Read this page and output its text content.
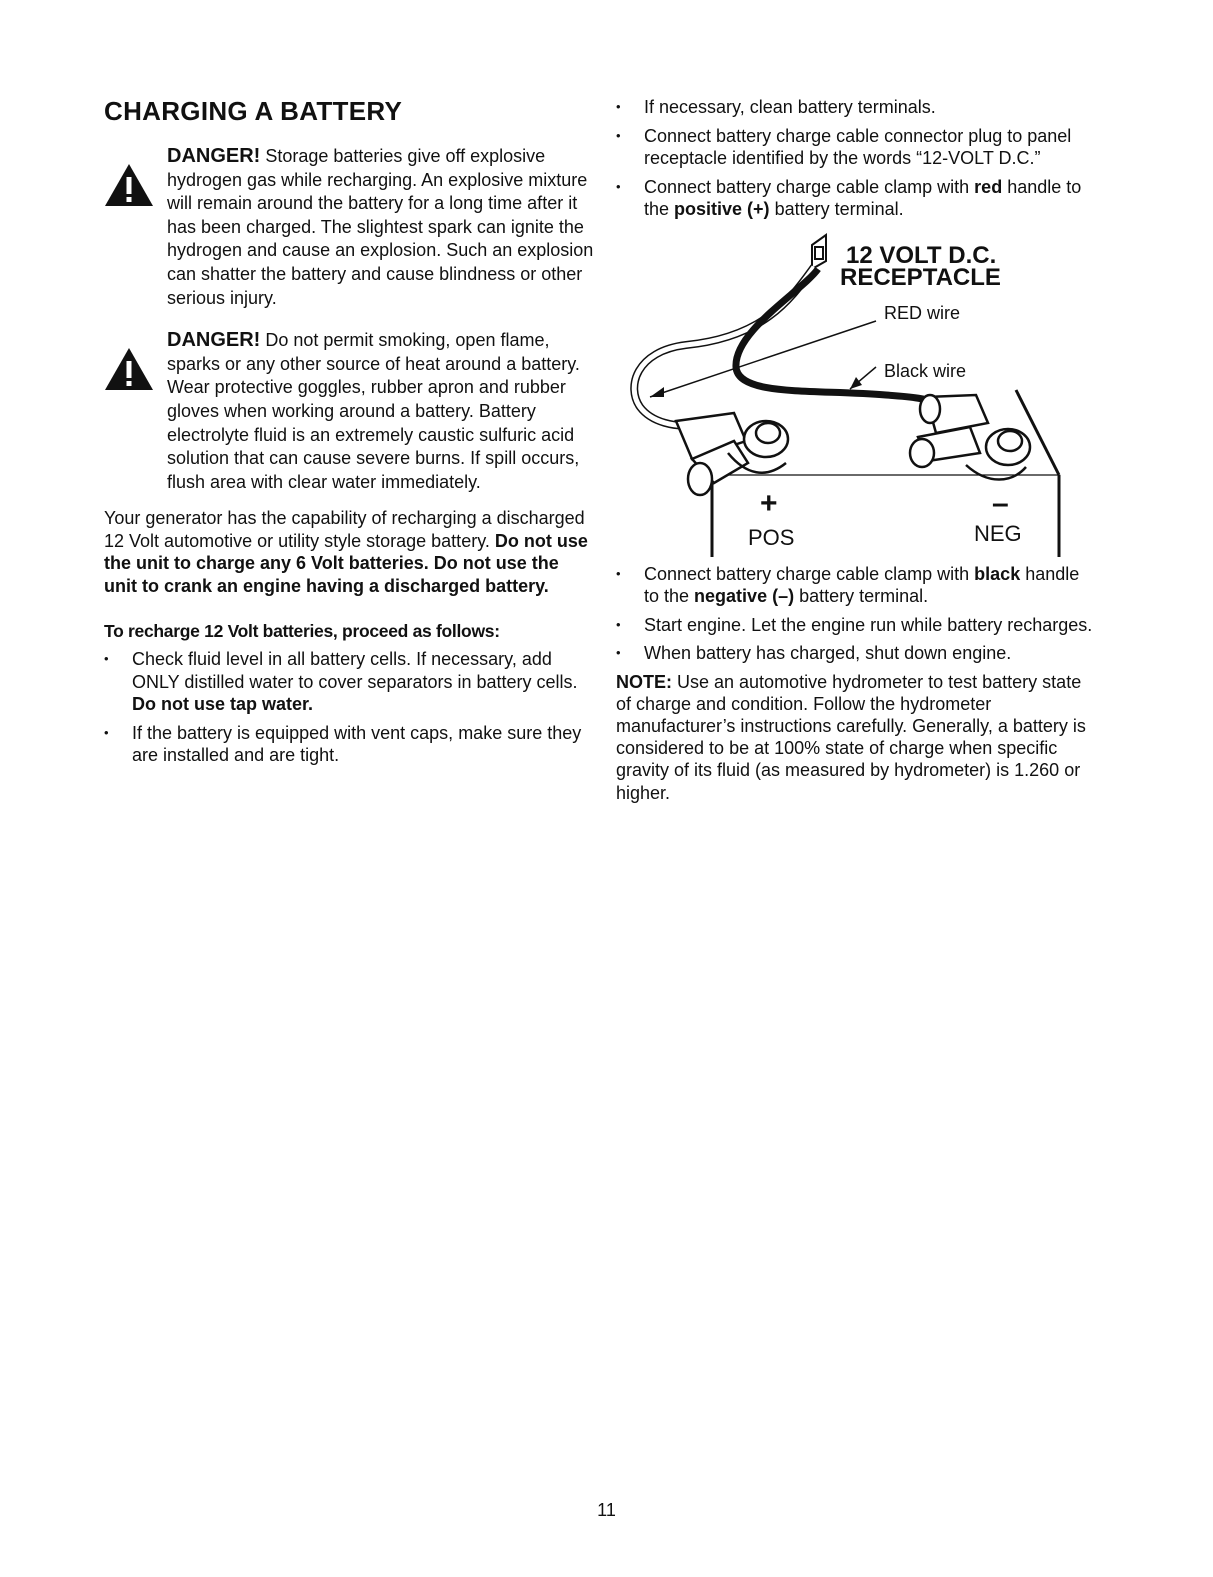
CHARGING A BATTERY
DANGER! Storage batteries give off explosive hydrogen gas while recharging. An explosive mixture will remain around the battery for a long time after it has been charged. The slightest spark can ignite the hydrogen and cause an explosion. Such an explosion can shatter the battery and cause blindness or other serious injury.
DANGER! Do not permit smoking, open flame, sparks or any other source of heat around a battery. Wear protective goggles, rubber apron and rubber gloves when working around a battery. Battery electrolyte fluid is an extremely caustic sulfuric acid solution that can cause severe burns. If spill occurs, flush area with clear water immediately.

Your generator has the capability of recharging a discharged 12 Volt automotive or utility style storage battery. Do not use the unit to charge any 6 Volt batteries. Do not use the unit to crank an engine having a discharged battery.

To recharge 12 Volt batteries, proceed as follows:
• Check fluid level in all battery cells. If necessary, add ONLY distilled water to cover separators in battery cells. Do not use tap water.
• If the battery is equipped with vent caps, make sure they are installed and are tight.
• If necessary, clean battery terminals.
• Connect battery charge cable connector plug to panel receptacle identified by the words “12-VOLT D.C.”
• Connect battery charge cable clamp with red handle to the positive (+) battery terminal.
12 VOLT D.C.
RECEPTACLE
RED wire
Black wire
+	–
POS	NEG
• Connect battery charge cable clamp with black handle to the negative (–) battery terminal.
• Start engine. Let the engine run while battery recharges.
• When battery has charged, shut down engine.

NOTE: Use an automotive hydrometer to test battery state of charge and condition. Follow the hydrometer manufacturer’s instructions carefully. Generally, a battery is considered to be at 100% state of charge when specific gravity of its fluid (as measured by hydrometer) is 1.260 or higher.

11
